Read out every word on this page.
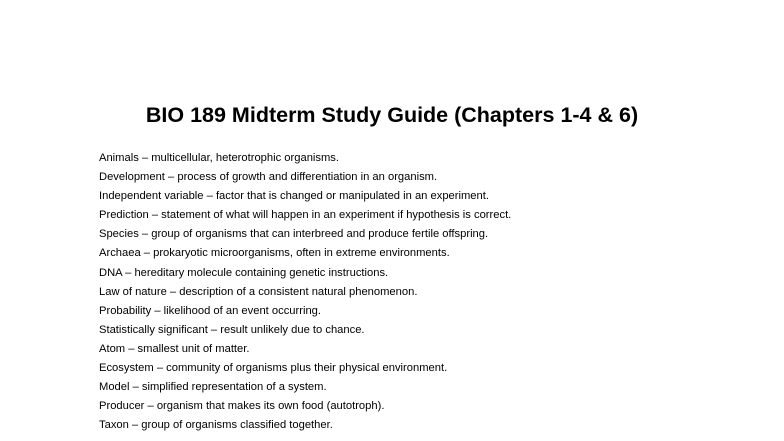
BIO 189 Midterm Study Guide (Chapters 1-4 & 6)
Animals – multicellular, heterotrophic organisms.
Development – process of growth and differentiation in an organism.
Independent variable – factor that is changed or manipulated in an experiment.
Prediction – statement of what will happen in an experiment if hypothesis is correct.
Species – group of organisms that can interbreed and produce fertile offspring.
Archaea – prokaryotic microorganisms, often in extreme environments.
DNA – hereditary molecule containing genetic instructions.
Law of nature – description of a consistent natural phenomenon.
Probability – likelihood of an event occurring.
Statistically significant – result unlikely due to chance.
Atom – smallest unit of matter.
Ecosystem – community of organisms plus their physical environment.
Model – simplified representation of a system.
Producer – organism that makes its own food (autotroph).
Taxon – group of organisms classified together.
